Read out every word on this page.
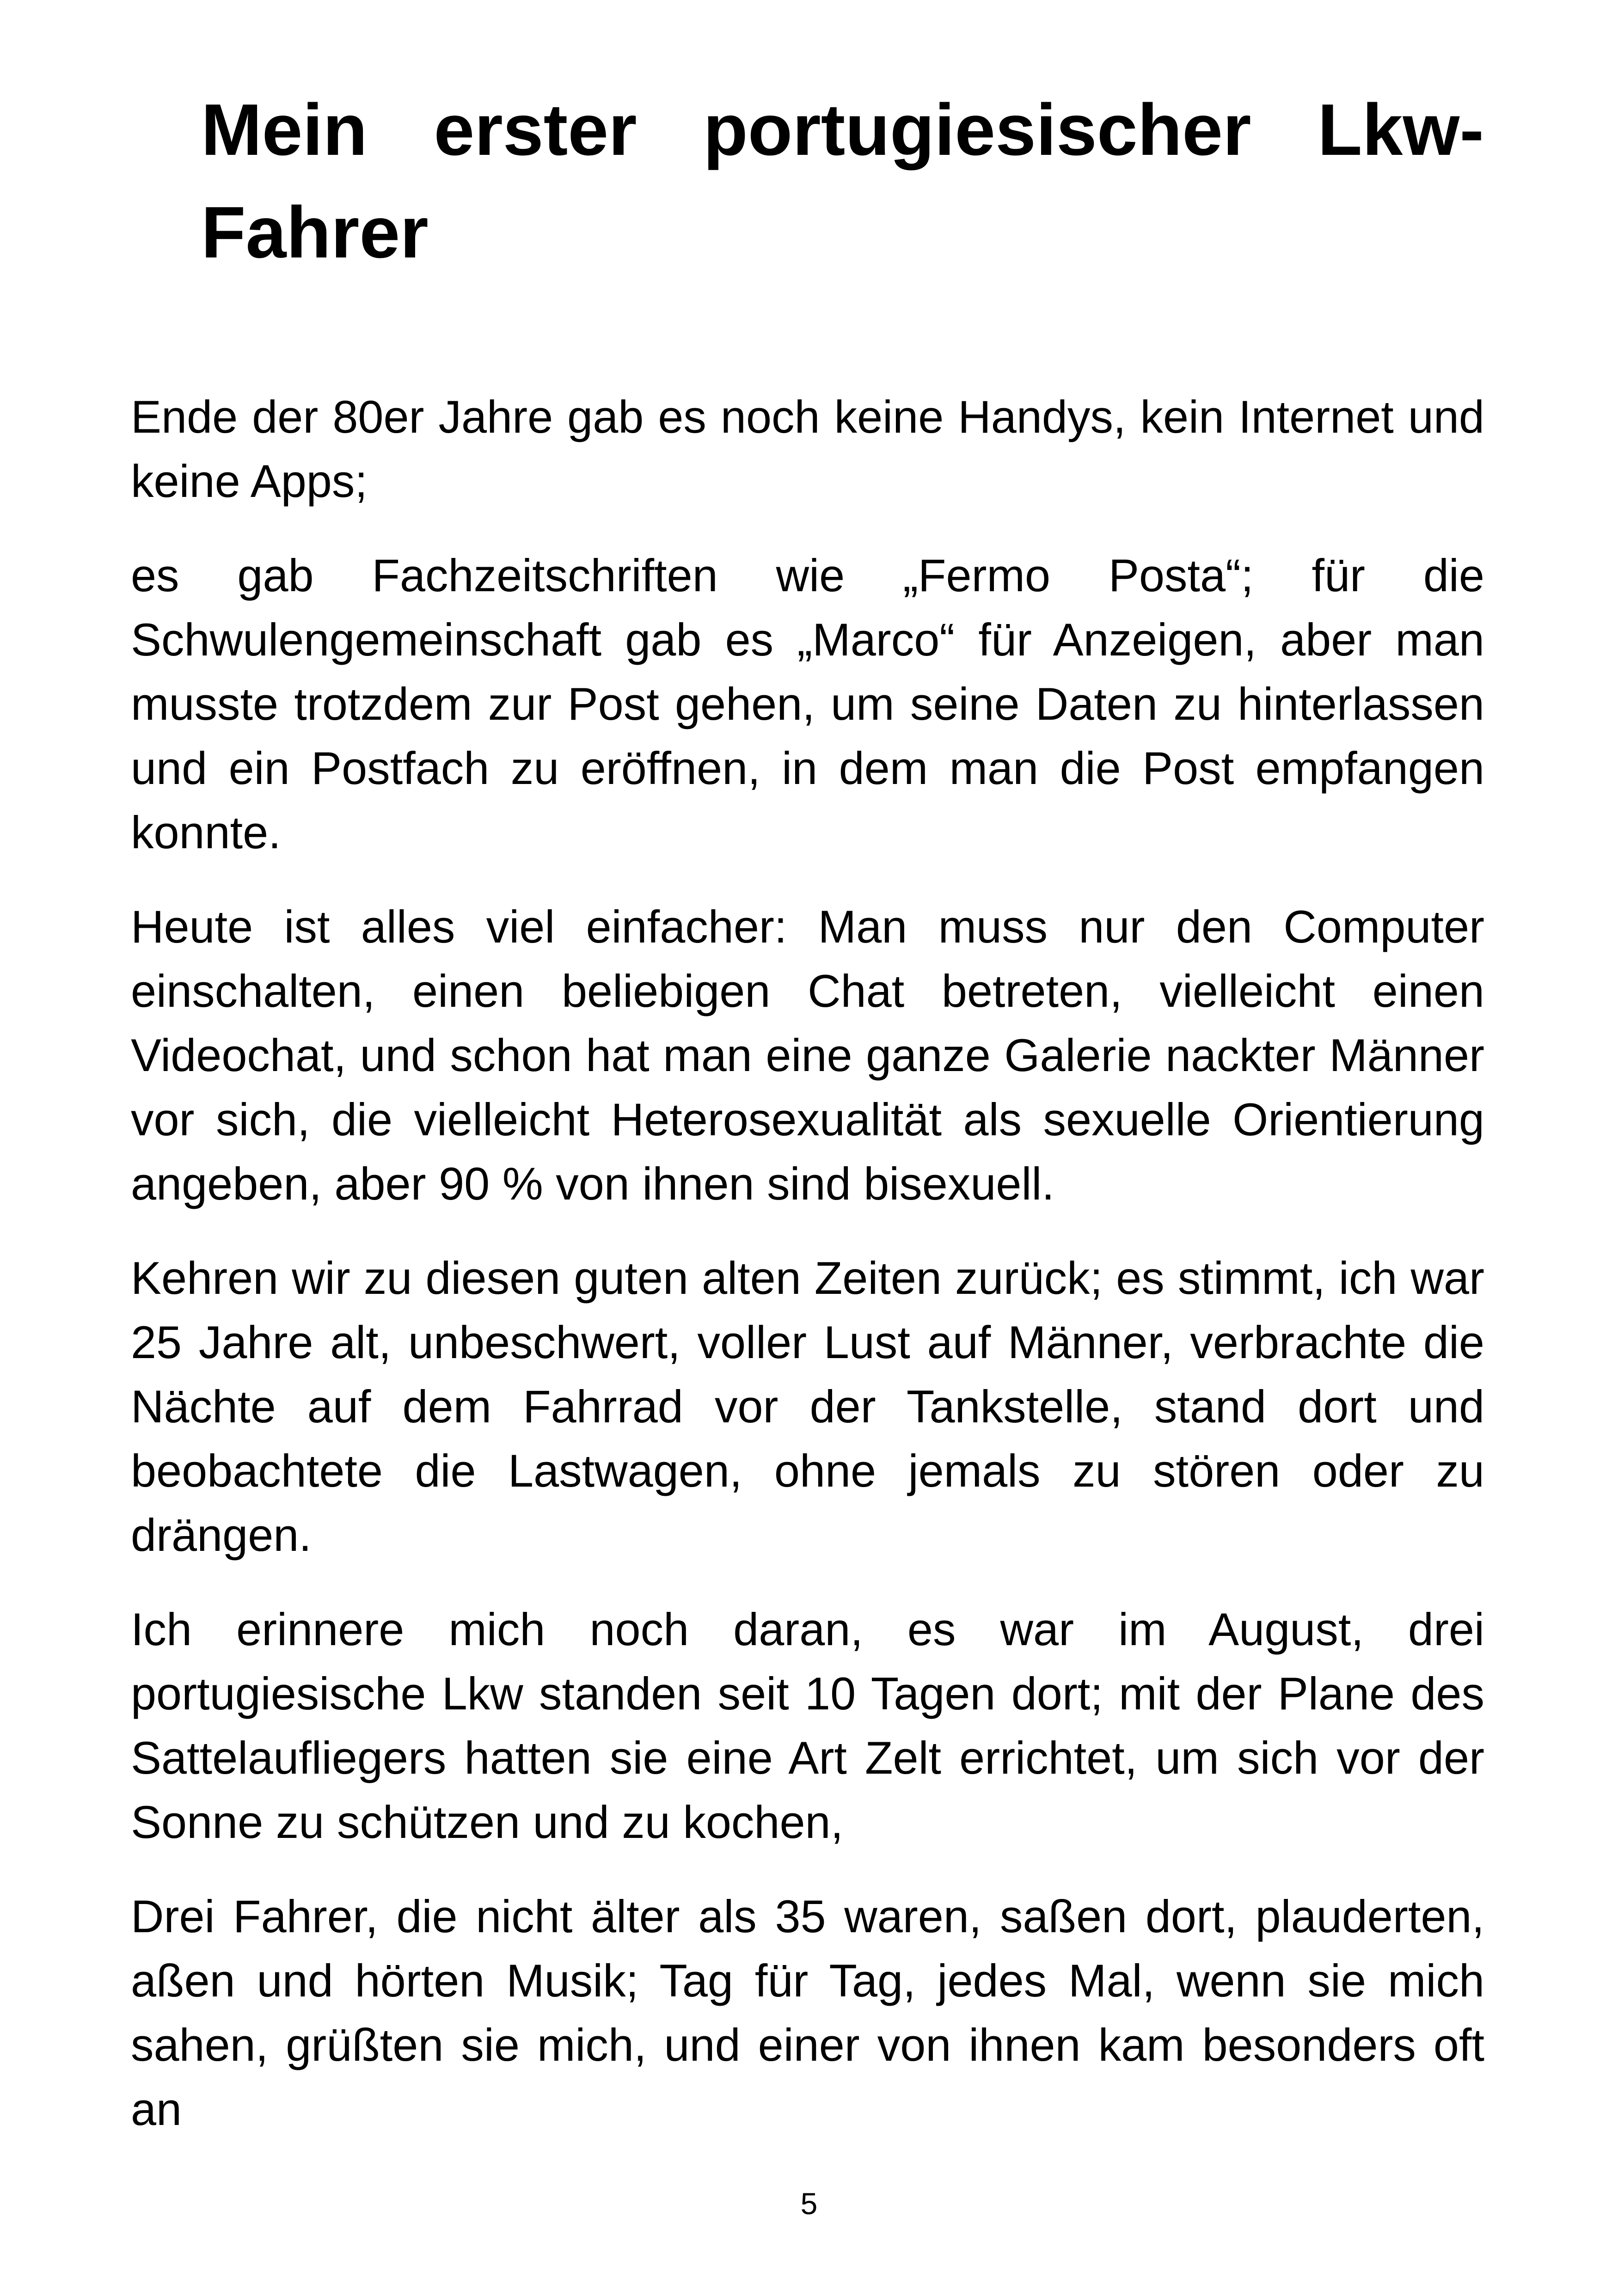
Mein erster portugiesischer Lkw-Fahrer

Ende der 80er Jahre gab es noch keine Handys, kein Internet und keine Apps;

es gab Fachzeitschriften wie „Fermo Posta“; für die Schwulengemeinschaft gab es „Marco“ für Anzeigen, aber man musste trotzdem zur Post gehen, um seine Daten zu hinterlassen und ein Postfach zu eröffnen, in dem man die Post empfangen konnte.

Heute ist alles viel einfacher: Man muss nur den Computer einschalten, einen beliebigen Chat betreten, vielleicht einen Videochat, und schon hat man eine ganze Galerie nackter Männer vor sich, die vielleicht Heterosexualität als sexuelle Orientierung angeben, aber 90 % von ihnen sind bisexuell.

Kehren wir zu diesen guten alten Zeiten zurück; es stimmt, ich war 25 Jahre alt, unbeschwert, voller Lust auf Männer, verbrachte die Nächte auf dem Fahrrad vor der Tankstelle, stand dort und beobachtete die Lastwagen, ohne jemals zu stören oder zu drängen.

Ich erinnere mich noch daran, es war im August, drei portugiesische Lkw standen seit 10 Tagen dort; mit der Plane des Sattelaufliegers hatten sie eine Art Zelt errichtet, um sich vor der Sonne zu schützen und zu kochen,

Drei Fahrer, die nicht älter als 35 waren, saßen dort, plauderten, aßen und hörten Musik; Tag für Tag, jedes Mal, wenn sie mich sahen, grüßten sie mich, und einer von ihnen kam besonders oft an

5
